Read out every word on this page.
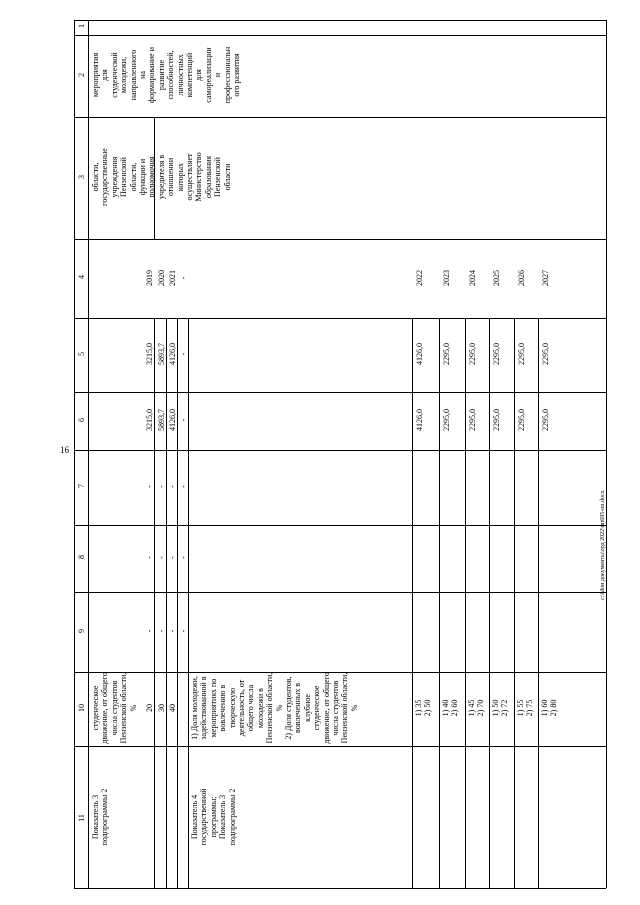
16
c:\Мои документы\орд 2022\ип695-оп.docx
1
2
3
4
5
6
7
8
9
10
11
мероприятия для студенческой молодежи, направленного на формирование и развитие способностей, личностных компетенций для самореализации и профессиональн ого развития
области, государственные учреждения Пензенской области, функции и полномочия учредителя в отношении которых осуществляет Министерство образования Пензенской области
студенческое движение, от общего числа студентов Пензенской области, %
Показатель 3 подпрограммы 2
2019
3215,0
3215,0
-
-
-
20
2020
5893,7
5893,7
-
-
-
30
2021
4126,0
4126,0
-
-
-
40
-
-
-
-
-
-
1) Доля молодежи, задействованной в мероприятиях по вовлечению в творческую деятельность, от общего числа молодежи в Пензенской области, % 2) Доля студентов, вовлеченных в клубное студенческое движение, от общего числа студентов Пензенской области, %
Показатель 4 государственной программы; Показатель 3 подпрограммы 2
2022
4126,0
4126,0
1) 35 2) 50
2023
2295,0
2295,0
1) 40 2) 60
2024
2295,0
2295,0
1) 45 2) 70
2025
2295,0
2295,0
1) 50 2) 72
2026
2295,0
2295,0
1) 55 2) 75
2027
2295,0
2295,0
1) 60 2) 80
